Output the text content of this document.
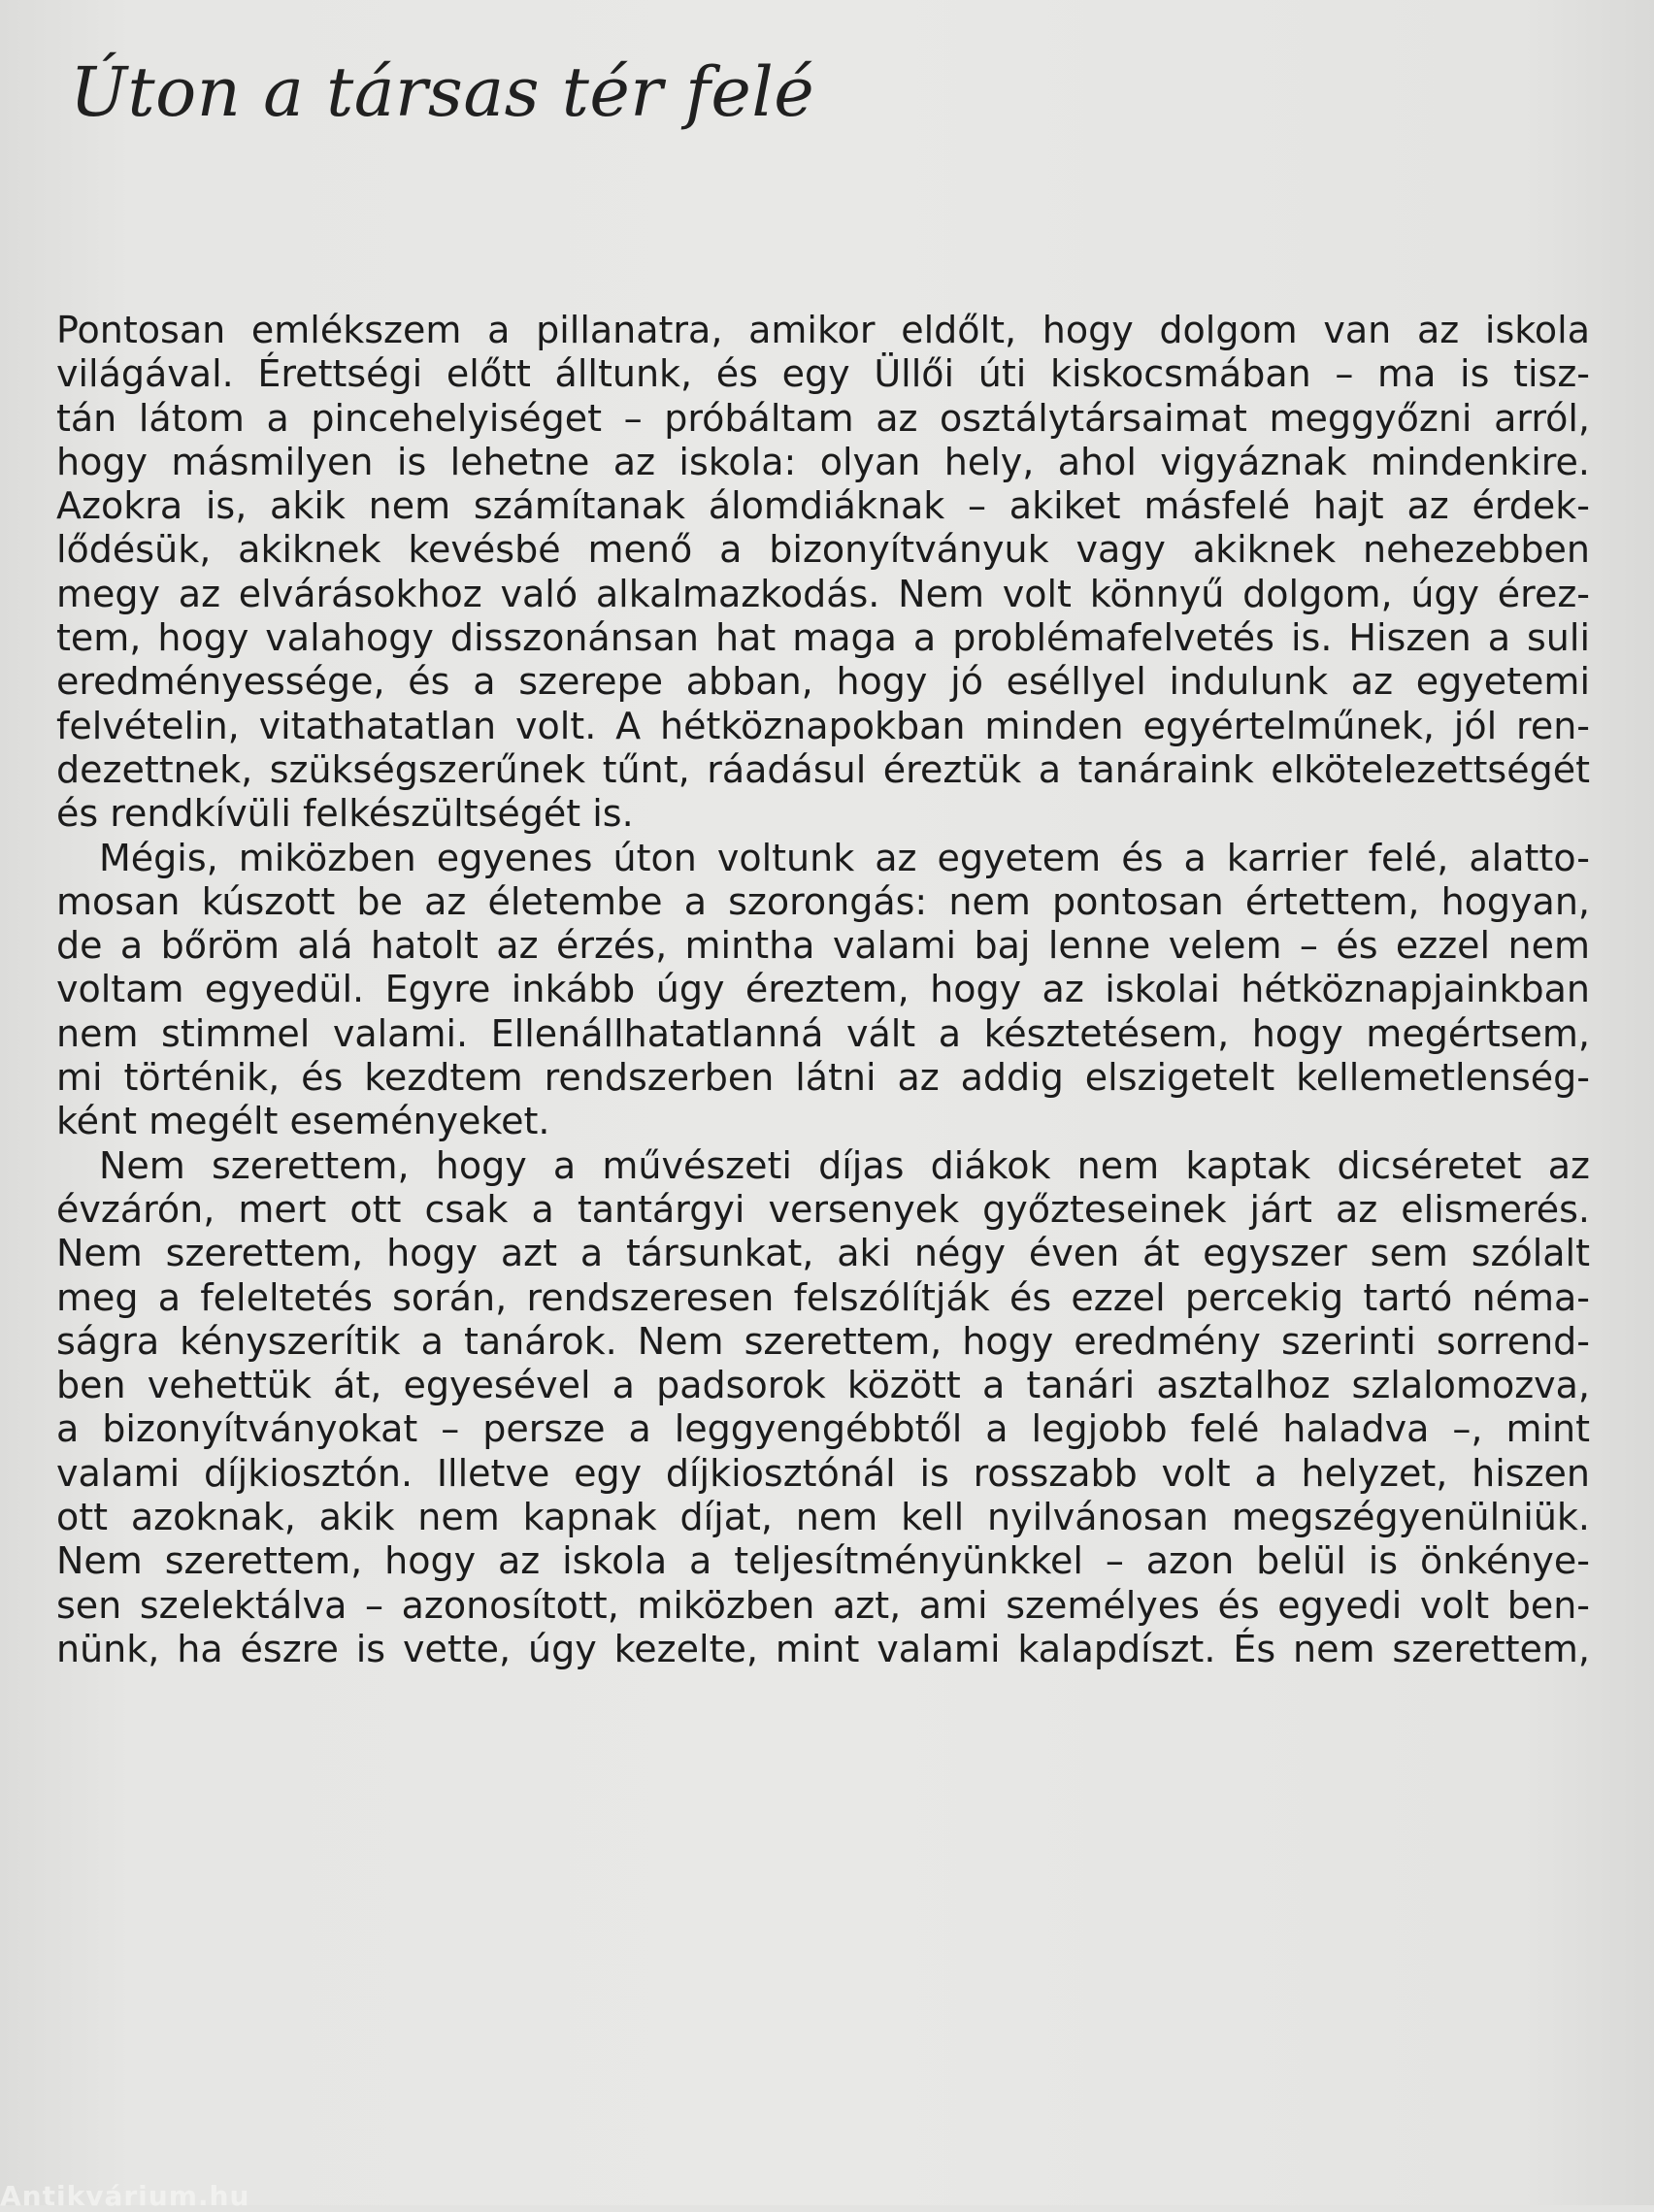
Úton a társas tér felé
Pontosan emlékszem a pillanatra, amikor eldőlt, hogy dolgom van az iskola
világával. Érettségi előtt álltunk, és egy Üllői úti kiskocsmában – ma is tisz-
tán látom a pincehelyiséget – próbáltam az osztálytársaimat meggyőzni arról,
hogy másmilyen is lehetne az iskola: olyan hely, ahol vigyáznak mindenkire.
Azokra is, akik nem számítanak álomdiáknak – akiket másfelé hajt az érdek-
lődésük, akiknek kevésbé menő a bizonyítványuk vagy akiknek nehezebben
megy az elvárásokhoz való alkalmazkodás. Nem volt könnyű dolgom, úgy érez-
tem, hogy valahogy disszonánsan hat maga a problémafelvetés is. Hiszen a suli
eredményessége, és a szerepe abban, hogy jó eséllyel indulunk az egyetemi
felvételin, vitathatatlan volt. A hétköznapokban minden egyértelműnek, jól ren-
dezettnek, szükségszerűnek tűnt, ráadásul éreztük a tanáraink elkötelezettségét
és rendkívüli felkészültségét is.
Mégis, miközben egyenes úton voltunk az egyetem és a karrier felé, alatto-
mosan kúszott be az életembe a szorongás: nem pontosan értettem, hogyan,
de a bőröm alá hatolt az érzés, mintha valami baj lenne velem – és ezzel nem
voltam egyedül. Egyre inkább úgy éreztem, hogy az iskolai hétköznapjainkban
nem stimmel valami. Ellenállhatatlanná vált a késztetésem, hogy megértsem,
mi történik, és kezdtem rendszerben látni az addig elszigetelt kellemetlenség-
ként megélt eseményeket.
Nem szerettem, hogy a művészeti díjas diákok nem kaptak dicséretet az
évzárón, mert ott csak a tantárgyi versenyek győzteseinek járt az elismerés.
Nem szerettem, hogy azt a társunkat, aki négy éven át egyszer sem szólalt
meg a feleltetés során, rendszeresen felszólítják és ezzel percekig tartó néma-
ságra kényszerítik a tanárok. Nem szerettem, hogy eredmény szerinti sorrend-
ben vehettük át, egyesével a padsorok között a tanári asztalhoz szlalomozva,
a bizonyítványokat – persze a leggyengébbtől a legjobb felé haladva –, mint
valami díjkiosztón. Illetve egy díjkiosztónál is rosszabb volt a helyzet, hiszen
ott azoknak, akik nem kapnak díjat, nem kell nyilvánosan megszégyenülniük.
Nem szerettem, hogy az iskola a teljesítményünkkel – azon belül is önkénye-
sen szelektálva – azonosított, miközben azt, ami személyes és egyedi volt ben-
nünk, ha észre is vette, úgy kezelte, mint valami kalapdíszt. És nem szerettem,
Antikvárium.hu
